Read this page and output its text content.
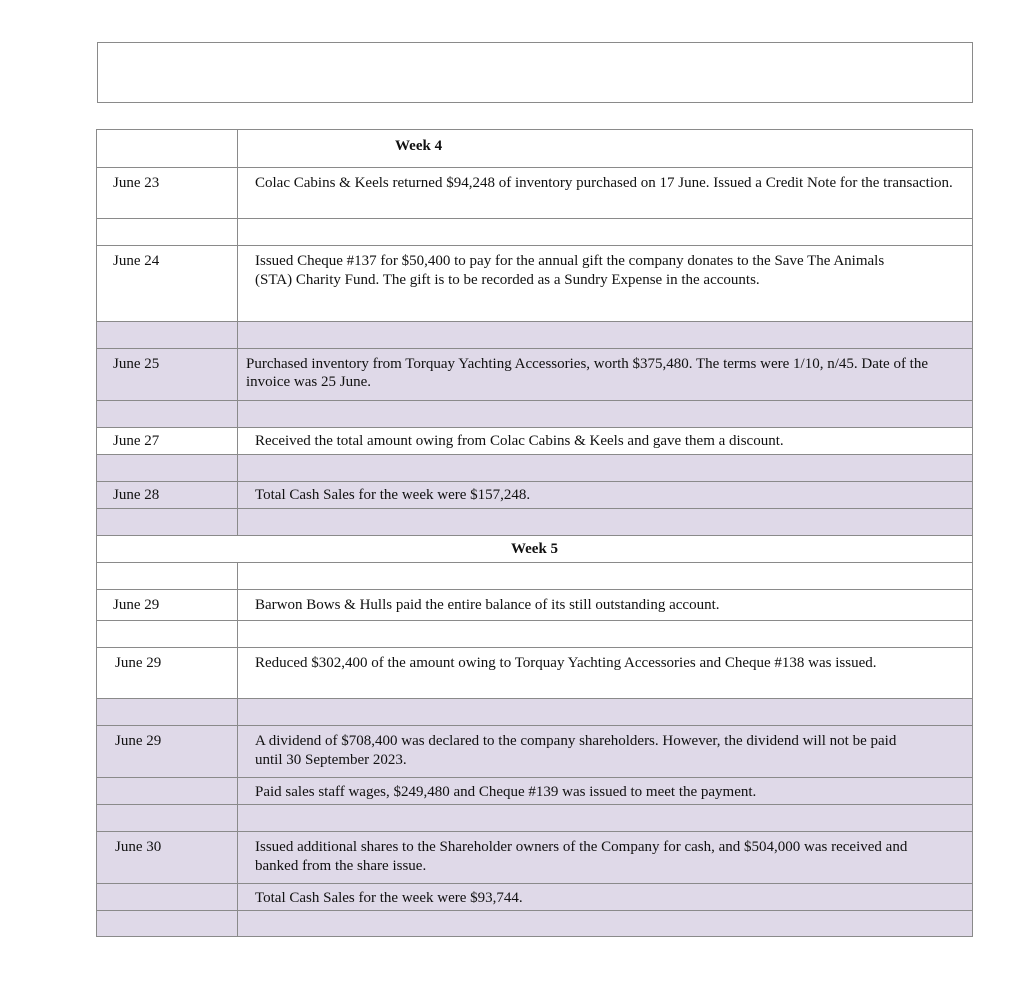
Week 4
June 23	Colac Cabins & Keels returned $94,248 of inventory purchased on 17 June. Issued a Credit Note for the transaction.
June 24	Issued Cheque #137 for $50,400 to pay for the annual gift the company donates to the Save The Animals (STA) Charity Fund. The gift is to be recorded as a Sundry Expense in the accounts.
June 25	Purchased inventory from Torquay Yachting Accessories, worth $375,480. The terms were 1/10, n/45. Date of the invoice was 25 June.
June 27	Received the total amount owing from Colac Cabins & Keels and gave them a discount.
June 28	Total Cash Sales for the week were $157,248.
Week 5
June 29	Barwon Bows & Hulls paid the entire balance of its still outstanding account.
June 29	Reduced $302,400 of the amount owing to Torquay Yachting Accessories and Cheque #138 was issued.
June 29	A dividend of $708,400 was declared to the company shareholders. However, the dividend will not be paid until 30 September 2023.
Paid sales staff wages, $249,480 and Cheque #139 was issued to meet the payment.
June 30	Issued additional shares to the Shareholder owners of the Company for cash, and $504,000 was received and banked from the share issue.
Total Cash Sales for the week were $93,744.
